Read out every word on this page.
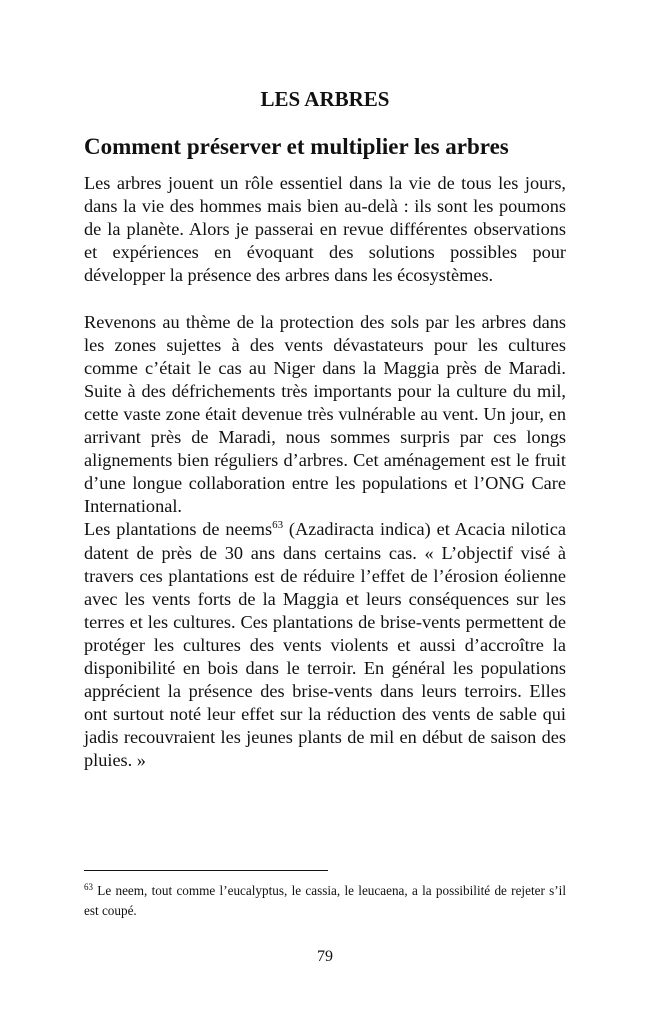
LES ARBRES
Comment préserver et multiplier les arbres

Les arbres jouent un rôle essentiel dans la vie de tous les jours, dans la vie des hommes mais bien au-delà : ils sont les poumons de la planète. Alors je passerai en revue différentes observations et expériences en évoquant des solutions possibles pour développer la présence des arbres dans les écosystèmes.

Revenons au thème de la protection des sols par les arbres dans les zones sujettes à des vents dévastateurs pour les cultures comme c’était le cas au Niger dans la Maggia près de Maradi. Suite à des défrichements très importants pour la culture du mil, cette vaste zone était devenue très vulnérable au vent. Un jour, en arrivant près de Maradi, nous sommes surpris par ces longs alignements bien réguliers d’arbres. Cet aménagement est le fruit d’une longue collaboration entre les populations et l’ONG Care International.

Les plantations de neems$^{63}$ (Azadiracta indica) et Acacia nilotica datent de près de 30 ans dans certains cas. « L’objectif visé à travers ces plantations est de réduire l’effet de l’érosion éolienne avec les vents forts de la Maggia et leurs conséquences sur les terres et les cultures. Ces plantations de brise-vents permettent de protéger les cultures des vents violents et aussi d’accroître la disponibilité en bois dans le terroir. En général les populations apprécient la présence des brise-vents dans leurs terroirs. Elles ont surtout noté leur effet sur la réduction des vents de sable qui jadis recouvraient les jeunes plants de mil en début de saison des pluies. »

$^{63}$ Le neem, tout comme l’eucalyptus, le cassia, le leucaena, a la possibilité de rejeter s’il est coupé.

79
